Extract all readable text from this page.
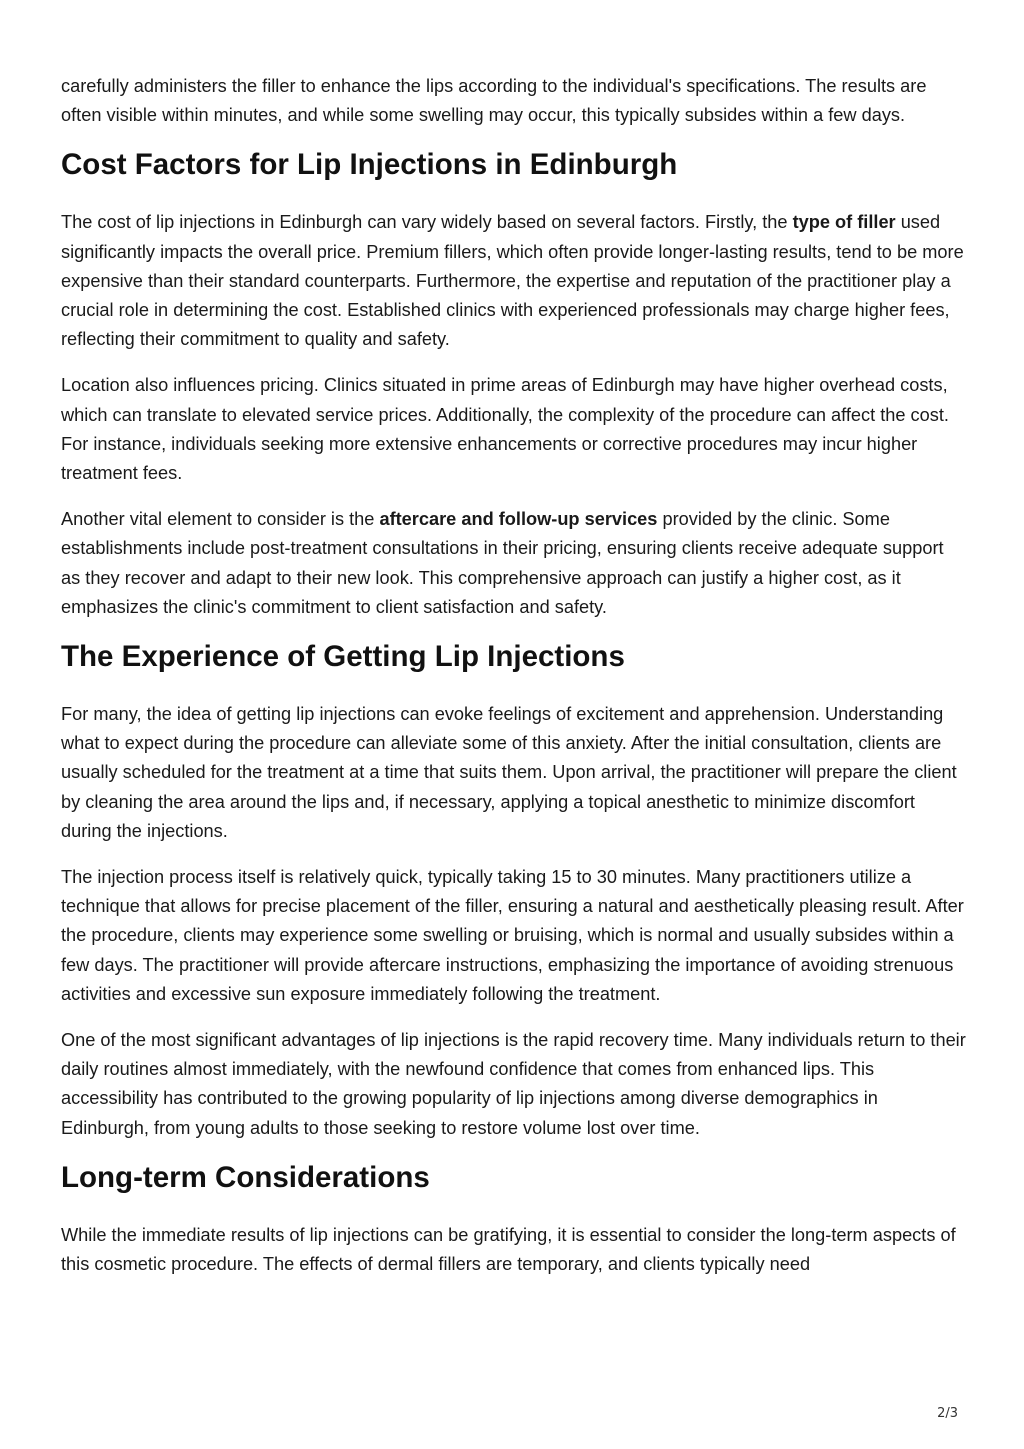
carefully administers the filler to enhance the lips according to the individual's specifications. The results are often visible within minutes, and while some swelling may occur, this typically subsides within a few days.

Cost Factors for Lip Injections in Edinburgh

The cost of lip injections in Edinburgh can vary widely based on several factors. Firstly, the type of filler used significantly impacts the overall price. Premium fillers, which often provide longer-lasting results, tend to be more expensive than their standard counterparts. Furthermore, the expertise and reputation of the practitioner play a crucial role in determining the cost. Established clinics with experienced professionals may charge higher fees, reflecting their commitment to quality and safety.

Location also influences pricing. Clinics situated in prime areas of Edinburgh may have higher overhead costs, which can translate to elevated service prices. Additionally, the complexity of the procedure can affect the cost. For instance, individuals seeking more extensive enhancements or corrective procedures may incur higher treatment fees.

Another vital element to consider is the aftercare and follow-up services provided by the clinic. Some establishments include post-treatment consultations in their pricing, ensuring clients receive adequate support as they recover and adapt to their new look. This comprehensive approach can justify a higher cost, as it emphasizes the clinic's commitment to client satisfaction and safety.

The Experience of Getting Lip Injections

For many, the idea of getting lip injections can evoke feelings of excitement and apprehension. Understanding what to expect during the procedure can alleviate some of this anxiety. After the initial consultation, clients are usually scheduled for the treatment at a time that suits them. Upon arrival, the practitioner will prepare the client by cleaning the area around the lips and, if necessary, applying a topical anesthetic to minimize discomfort during the injections.

The injection process itself is relatively quick, typically taking 15 to 30 minutes. Many practitioners utilize a technique that allows for precise placement of the filler, ensuring a natural and aesthetically pleasing result. After the procedure, clients may experience some swelling or bruising, which is normal and usually subsides within a few days. The practitioner will provide aftercare instructions, emphasizing the importance of avoiding strenuous activities and excessive sun exposure immediately following the treatment.

One of the most significant advantages of lip injections is the rapid recovery time. Many individuals return to their daily routines almost immediately, with the newfound confidence that comes from enhanced lips. This accessibility has contributed to the growing popularity of lip injections among diverse demographics in Edinburgh, from young adults to those seeking to restore volume lost over time.

Long-term Considerations

While the immediate results of lip injections can be gratifying, it is essential to consider the long-term aspects of this cosmetic procedure. The effects of dermal fillers are temporary, and clients typically need

2/3
